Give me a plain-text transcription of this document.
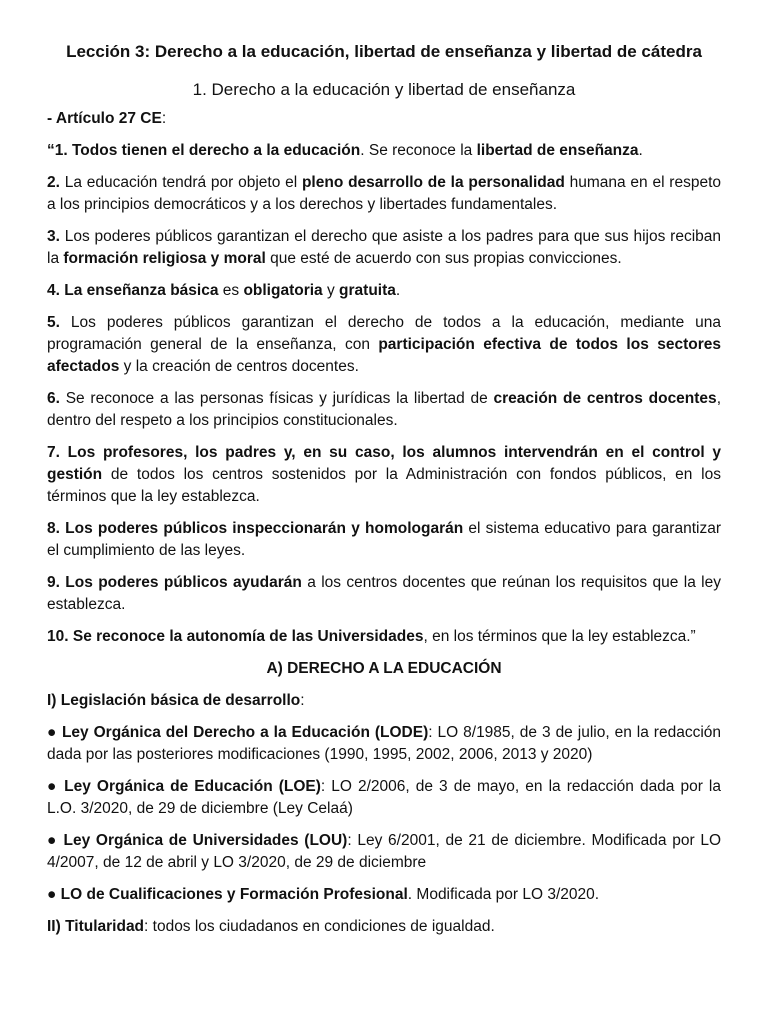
Lección 3: Derecho a la educación, libertad de enseñanza y libertad de cátedra
1. Derecho a la educación y libertad de enseñanza

- Artículo 27 CE:

“1. Todos tienen el derecho a la educación. Se reconoce la libertad de enseñanza.

2. La educación tendrá por objeto el pleno desarrollo de la personalidad humana en el respeto a los principios democráticos y a los derechos y libertades fundamentales.

3. Los poderes públicos garantizan el derecho que asiste a los padres para que sus hijos reciban la formación religiosa y moral que esté de acuerdo con sus propias convicciones.

4. La enseñanza básica es obligatoria y gratuita.

5. Los poderes públicos garantizan el derecho de todos a la educación, mediante una programación general de la enseñanza, con participación efectiva de todos los sectores afectados y la creación de centros docentes.

6. Se reconoce a las personas físicas y jurídicas la libertad de creación de centros docentes, dentro del respeto a los principios constitucionales.

7. Los profesores, los padres y, en su caso, los alumnos intervendrán en el control y gestión de todos los centros sostenidos por la Administración con fondos públicos, en los términos que la ley establezca.

8. Los poderes públicos inspeccionarán y homologarán el sistema educativo para garantizar el cumplimiento de las leyes.

9. Los poderes públicos ayudarán a los centros docentes que reúnan los requisitos que la ley establezca.

10. Se reconoce la autonomía de las Universidades, en los términos que la ley establezca.”

A) DERECHO A LA EDUCACIÓN

I) Legislación básica de desarrollo:

● Ley Orgánica del Derecho a la Educación (LODE): LO 8/1985, de 3 de julio, en la redacción dada por las posteriores modificaciones (1990, 1995, 2002, 2006, 2013 y 2020)

● Ley Orgánica de Educación (LOE): LO 2/2006, de 3 de mayo, en la redacción dada por la L.O. 3/2020, de 29 de diciembre (Ley Celaá)

● Ley Orgánica de Universidades (LOU): Ley 6/2001, de 21 de diciembre. Modificada por LO 4/2007, de 12 de abril y LO 3/2020, de 29 de diciembre

● LO de Cualificaciones y Formación Profesional. Modificada por LO 3/2020.

II) Titularidad: todos los ciudadanos en condiciones de igualdad.
